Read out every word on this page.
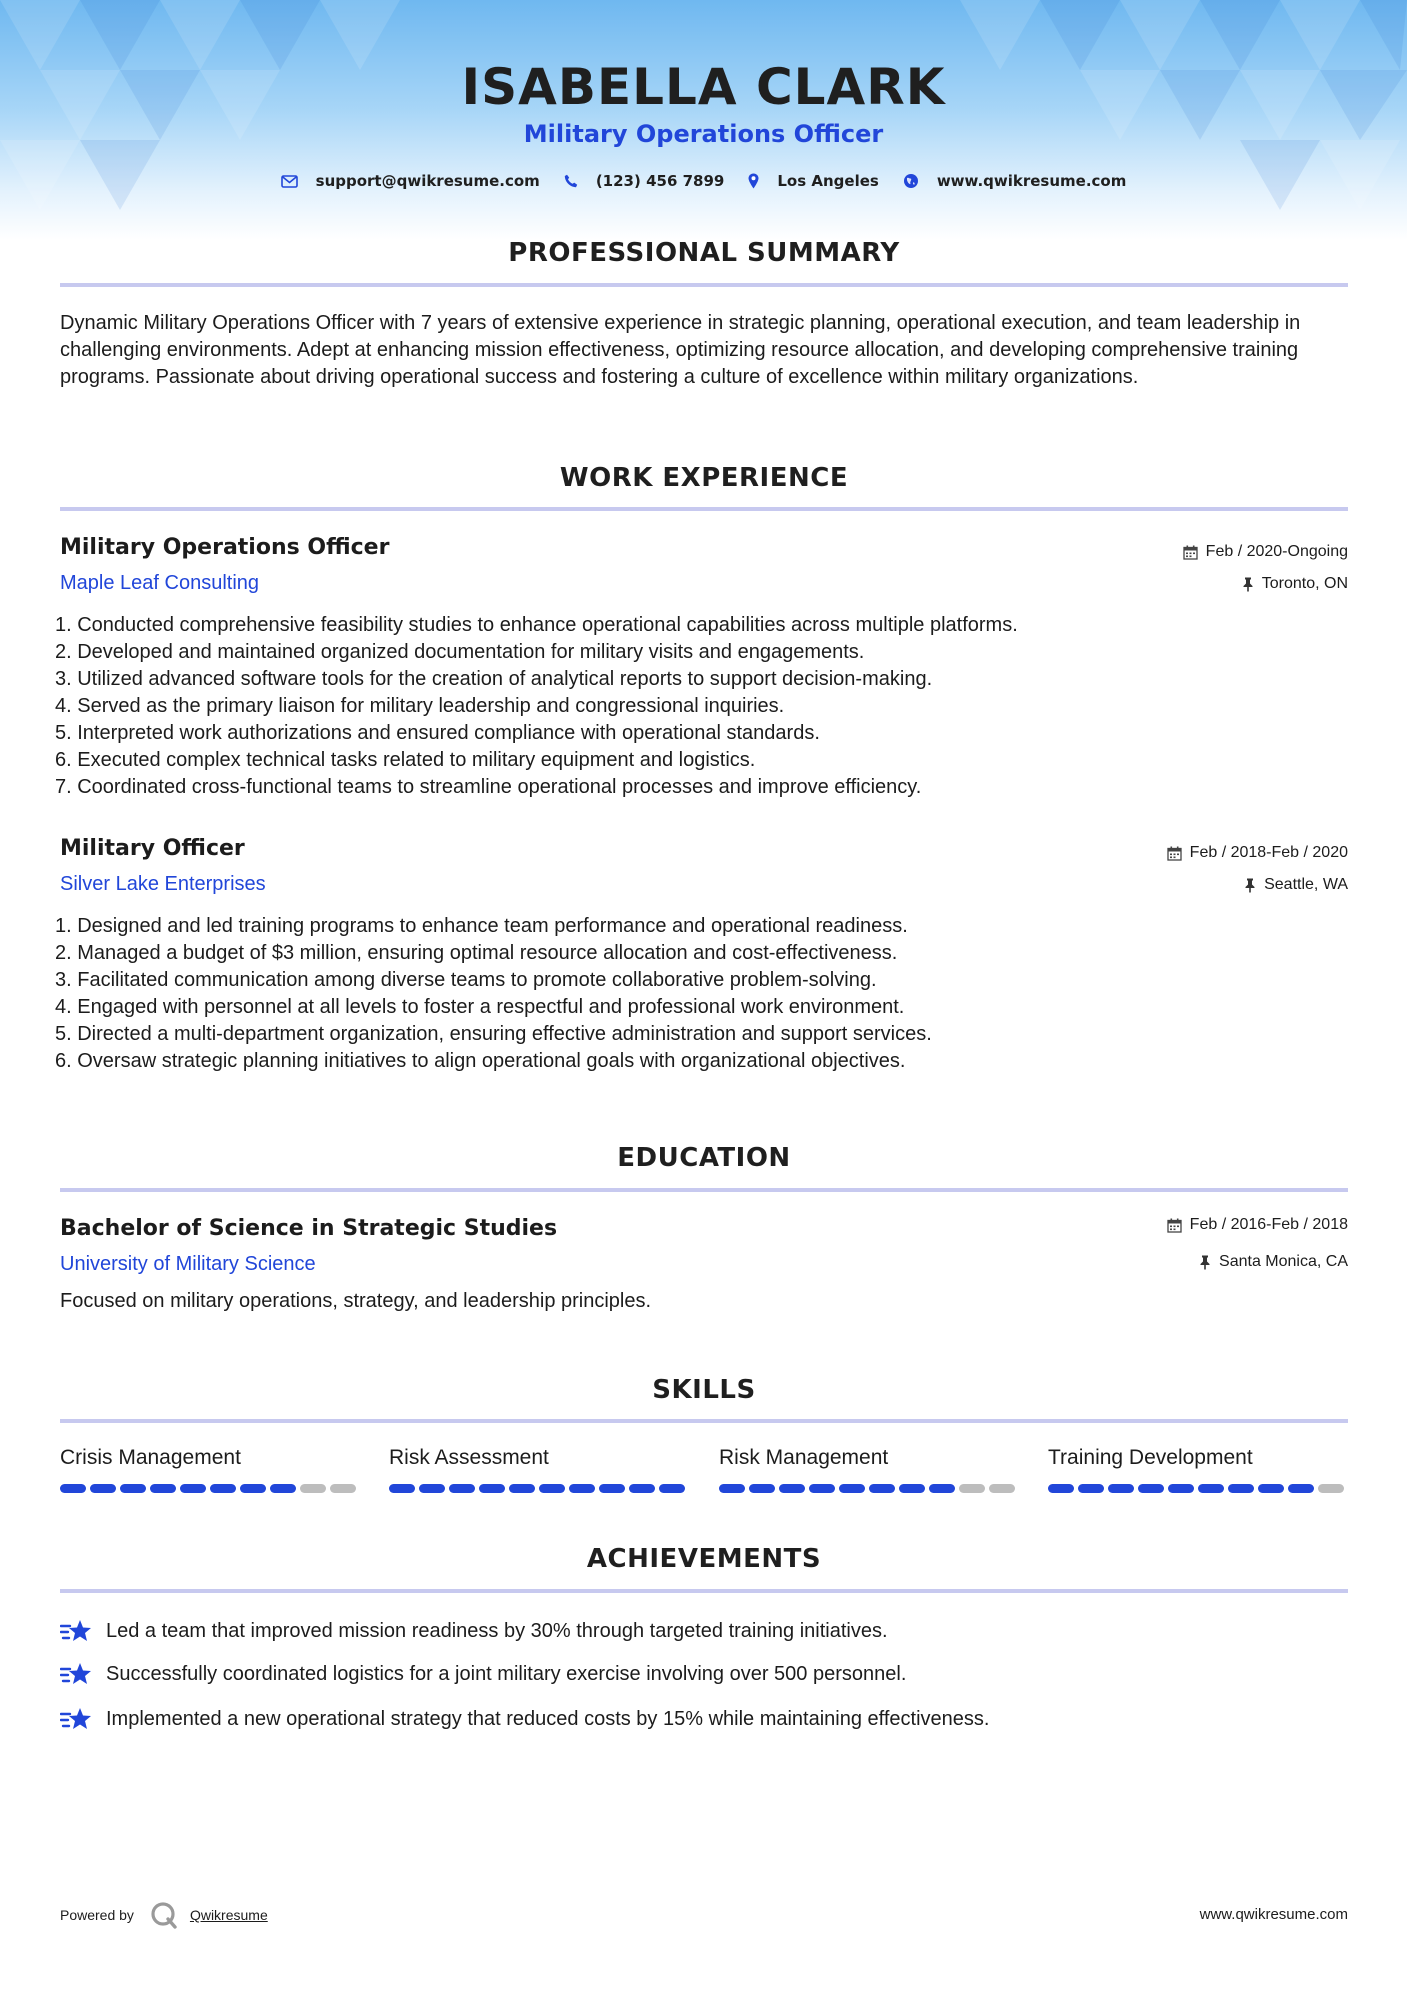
ISABELLA CLARK
Military Operations Officer
support@qwikresume.com	(123) 456 7899	Los Angeles	www.qwikresume.com
PROFESSIONAL SUMMARY
Dynamic Military Operations Officer with 7 years of extensive experience in strategic planning, operational execution, and team leadership in challenging environments. Adept at enhancing mission effectiveness, optimizing resource allocation, and developing comprehensive training programs. Passionate about driving operational success and fostering a culture of excellence within military organizations.
WORK EXPERIENCE
Military Operations Officer
Maple Leaf Consulting
Feb / 2020-Ongoing
Toronto, ON
1. Conducted comprehensive feasibility studies to enhance operational capabilities across multiple platforms.
2. Developed and maintained organized documentation for military visits and engagements.
3. Utilized advanced software tools for the creation of analytical reports to support decision-making.
4. Served as the primary liaison for military leadership and congressional inquiries.
5. Interpreted work authorizations and ensured compliance with operational standards.
6. Executed complex technical tasks related to military equipment and logistics.
7. Coordinated cross-functional teams to streamline operational processes and improve efficiency.
Military Officer
Silver Lake Enterprises
Feb / 2018-Feb / 2020
Seattle, WA
1. Designed and led training programs to enhance team performance and operational readiness.
2. Managed a budget of $3 million, ensuring optimal resource allocation and cost-effectiveness.
3. Facilitated communication among diverse teams to promote collaborative problem-solving.
4. Engaged with personnel at all levels to foster a respectful and professional work environment.
5. Directed a multi-department organization, ensuring effective administration and support services.
6. Oversaw strategic planning initiatives to align operational goals with organizational objectives.
EDUCATION
Bachelor of Science in Strategic Studies
University of Military Science
Feb / 2016-Feb / 2018
Santa Monica, CA
Focused on military operations, strategy, and leadership principles.
SKILLS
Crisis Management	Risk Assessment	Risk Management	Training Development
ACHIEVEMENTS
Led a team that improved mission readiness by 30% through targeted training initiatives.
Successfully coordinated logistics for a joint military exercise involving over 500 personnel.
Implemented a new operational strategy that reduced costs by 15% while maintaining effectiveness.
Powered by	Qwikresume	www.qwikresume.com
